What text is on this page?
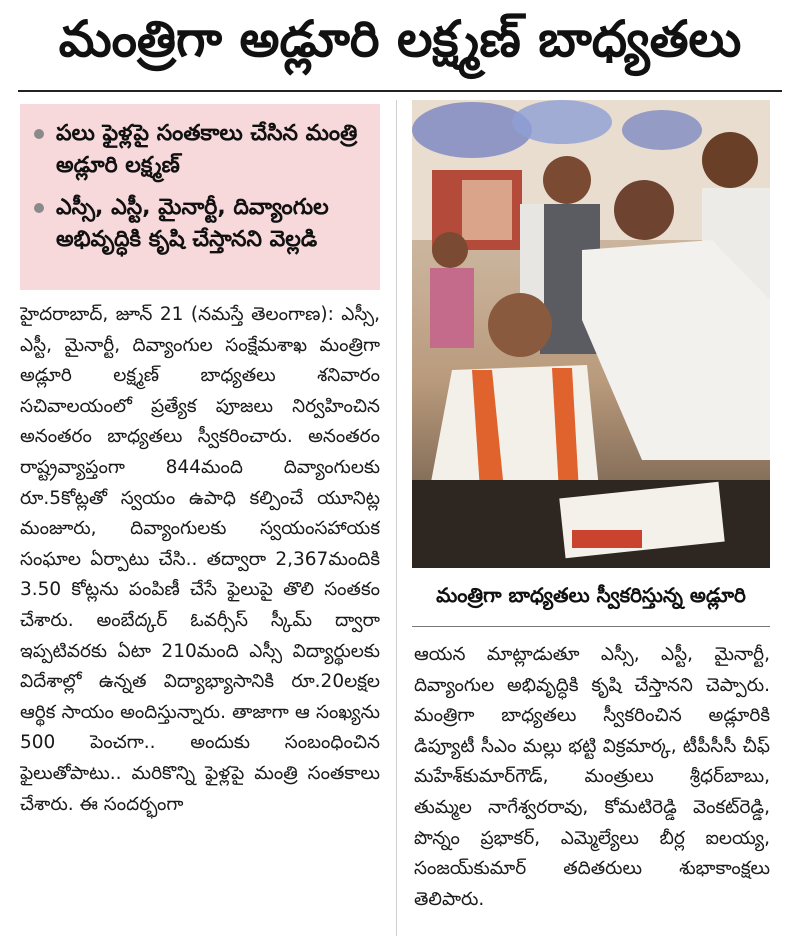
మంత్రిగా అడ్లూరి లక్ష్మణ్ బాధ్యతలు
పలు ఫైళ్లపై సంతకాలు చేసిన మంత్రి అడ్లూరి లక్ష్మణ్
ఎస్సీ, ఎస్టీ, మైనార్టీ, దివ్యాంగుల అభివృద్ధికి కృషి చేస్తానని వెల్లడి
హైదరాబాద్, జూన్ 21 (నమస్తే తెలంగాణ): ఎస్సీ, ఎస్టీ, మైనార్టీ, దివ్యాంగుల సంక్షేమశాఖ మంత్రిగా అడ్లూరి లక్ష్మణ్ బాధ్యతలు శనివారం సచివాలయంలో ప్రత్యేక పూజలు నిర్వహించిన అనంతరం బాధ్యతలు స్వీకరించారు. అనంతరం రాష్ట్రవ్యాప్తంగా 844మంది దివ్యాంగులకు రూ.5కోట్లతో స్వయం ఉపాధి కల్పించే యూనిట్ల మంజూరు, దివ్యాంగులకు స్వయంసహాయక సంఘాల ఏర్పాటు చేసి.. తద్వారా 2,367మందికి 3.50 కోట్లను పంపిణీ చేసే ఫైలుపై తొలి సంతకం చేశారు. అంబేద్కర్ ఓవర్సీస్ స్కీమ్ ద్వారా ఇప్పటివరకు ఏటా 210మంది ఎస్సీ విద్యార్థులకు విదేశాల్లో ఉన్నత విద్యాభ్యాసానికి రూ.20లక్షల ఆర్థిక సాయం అందిస్తున్నారు. తాజాగా ఆ సంఖ్యను 500 పెంచగా.. అందుకు సంబంధించిన ఫైలుతోపాటు.. మరికొన్ని ఫైళ్లపై మంత్రి సంతకాలు చేశారు. ఈ సందర్భంగా
మంత్రిగా బాధ్యతలు స్వీకరిస్తున్న అడ్లూరి
ఆయన మాట్లాడుతూ ఎస్సీ, ఎస్టీ, మైనార్టీ, దివ్యాంగుల అభివృద్ధికి కృషి చేస్తానని చెప్పారు. మంత్రిగా బాధ్యతలు స్వీకరించిన అడ్లూరికి డిప్యూటీ సీఎం మల్లు భట్టి విక్రమార్క, టీపీసీసీ చీఫ్ మహేశ్‌కుమార్‌గౌడ్, మంత్రులు శ్రీధర్‌బాబు, తుమ్మల నాగేశ్వరరావు, కోమటిరెడ్డి వెంకట్‌రెడ్డి, పొన్నం ప్రభాకర్, ఎమ్మెల్యేలు బీర్ల ఐలయ్య, సంజయ్‌కుమార్ తదితరులు శుభాకాంక్షలు తెలిపారు.
